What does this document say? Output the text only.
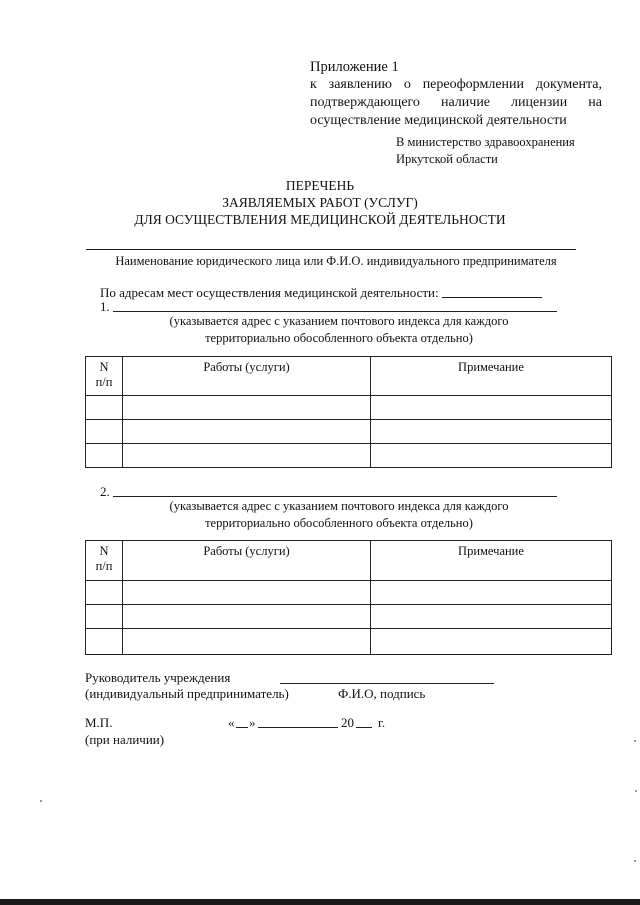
Приложение 1
к заявлению о переоформлении документа,
подтверждающего наличие лицензии на
осуществление медицинской деятельности
В министерство здравоохранения
Иркутской области
ПЕРЕЧЕНЬ
ЗАЯВЛЯЕМЫХ РАБОТ (УСЛУГ)
ДЛЯ ОСУЩЕСТВЛЕНИЯ МЕДИЦИНСКОЙ ДЕЯТЕЛЬНОСТИ
Наименование юридического лица или Ф.И.О. индивидуального предпринимателя
По адресам мест осуществления медицинской деятельности:
1.
(указывается адрес с указанием почтового индекса для каждого
территориально обособленного объекта отдельно)
N
п/п	Работы (услуги)	Примечание

2.
(указывается адрес с указанием почтового индекса для каждого
территориально обособленного объекта отдельно)
N
п/п	Работы (услуги)	Примечание

Руководитель учреждения
(индивидуальный предприниматель)	Ф.И.О, подпись
М.П.
(при наличии)
« »	20 г.
